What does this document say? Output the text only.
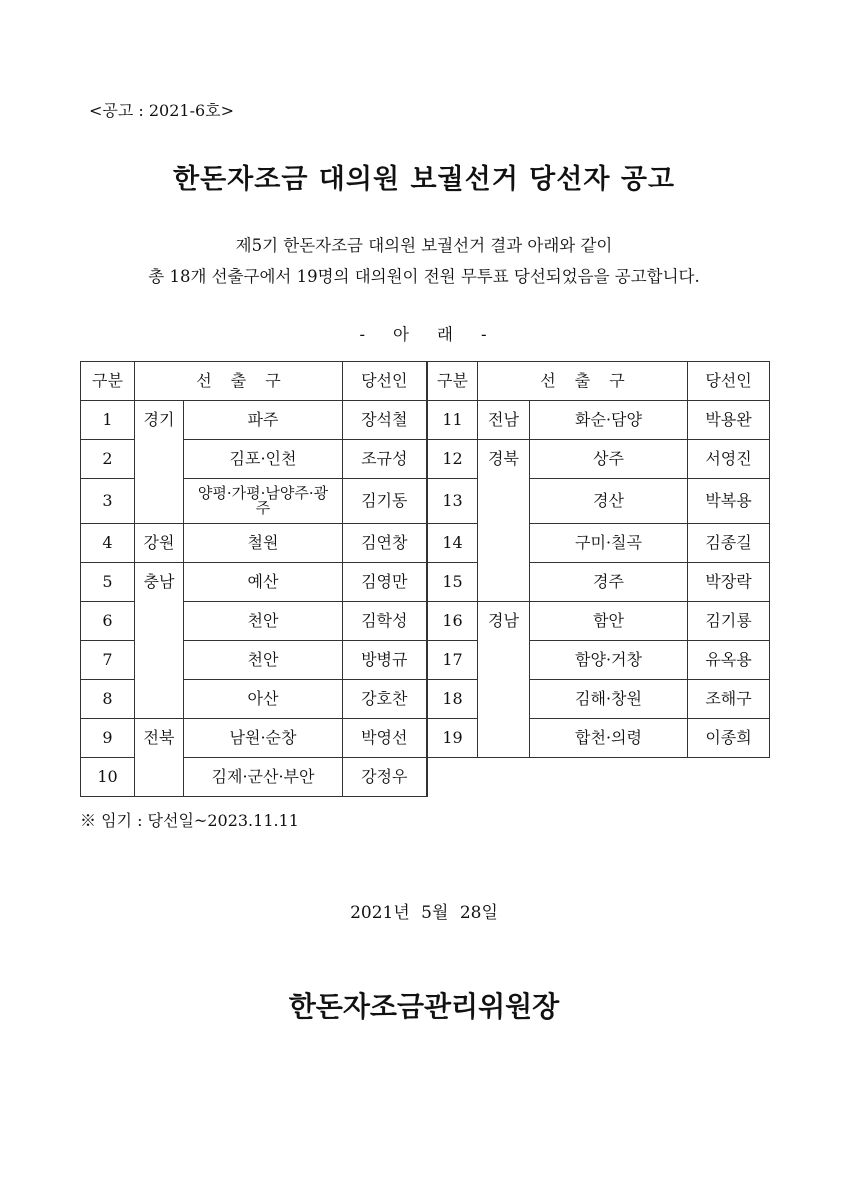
<공고 : 2021-6호>
한돈자조금 대의원 보궐선거 당선자 공고
제5기 한돈자조금 대의원 보궐선거 결과 아래와 같이
총 18개 선출구에서 19명의 대의원이 전원 무투표 당선되었음을 공고합니다.
- 아 래 -
구분	선 출 구		당선인
1	경기	파주	장석철
2		김포·인천	조규성
3		양평·가평·남양주·광주	김기동
4	강원	철원	김연창
5	충남	예산	김영만
6		천안	김학성
7		천안	방병규
8		아산	강호찬
9	전북	남원·순창	박영선
10		김제·군산·부안	강정우
구분	선 출 구		당선인
11	전남	화순·담양	박용완
12	경북	상주	서영진
13		경산	박복용
14		구미·칠곡	김종길
15		경주	박장락
16	경남	함안	김기룡
17		함양·거창	유옥용
18		김해·창원	조해구
19		합천·의령	이종희
※ 임기 : 당선일~2023.11.11
2021년 5월 28일
한돈자조금관리위원장
